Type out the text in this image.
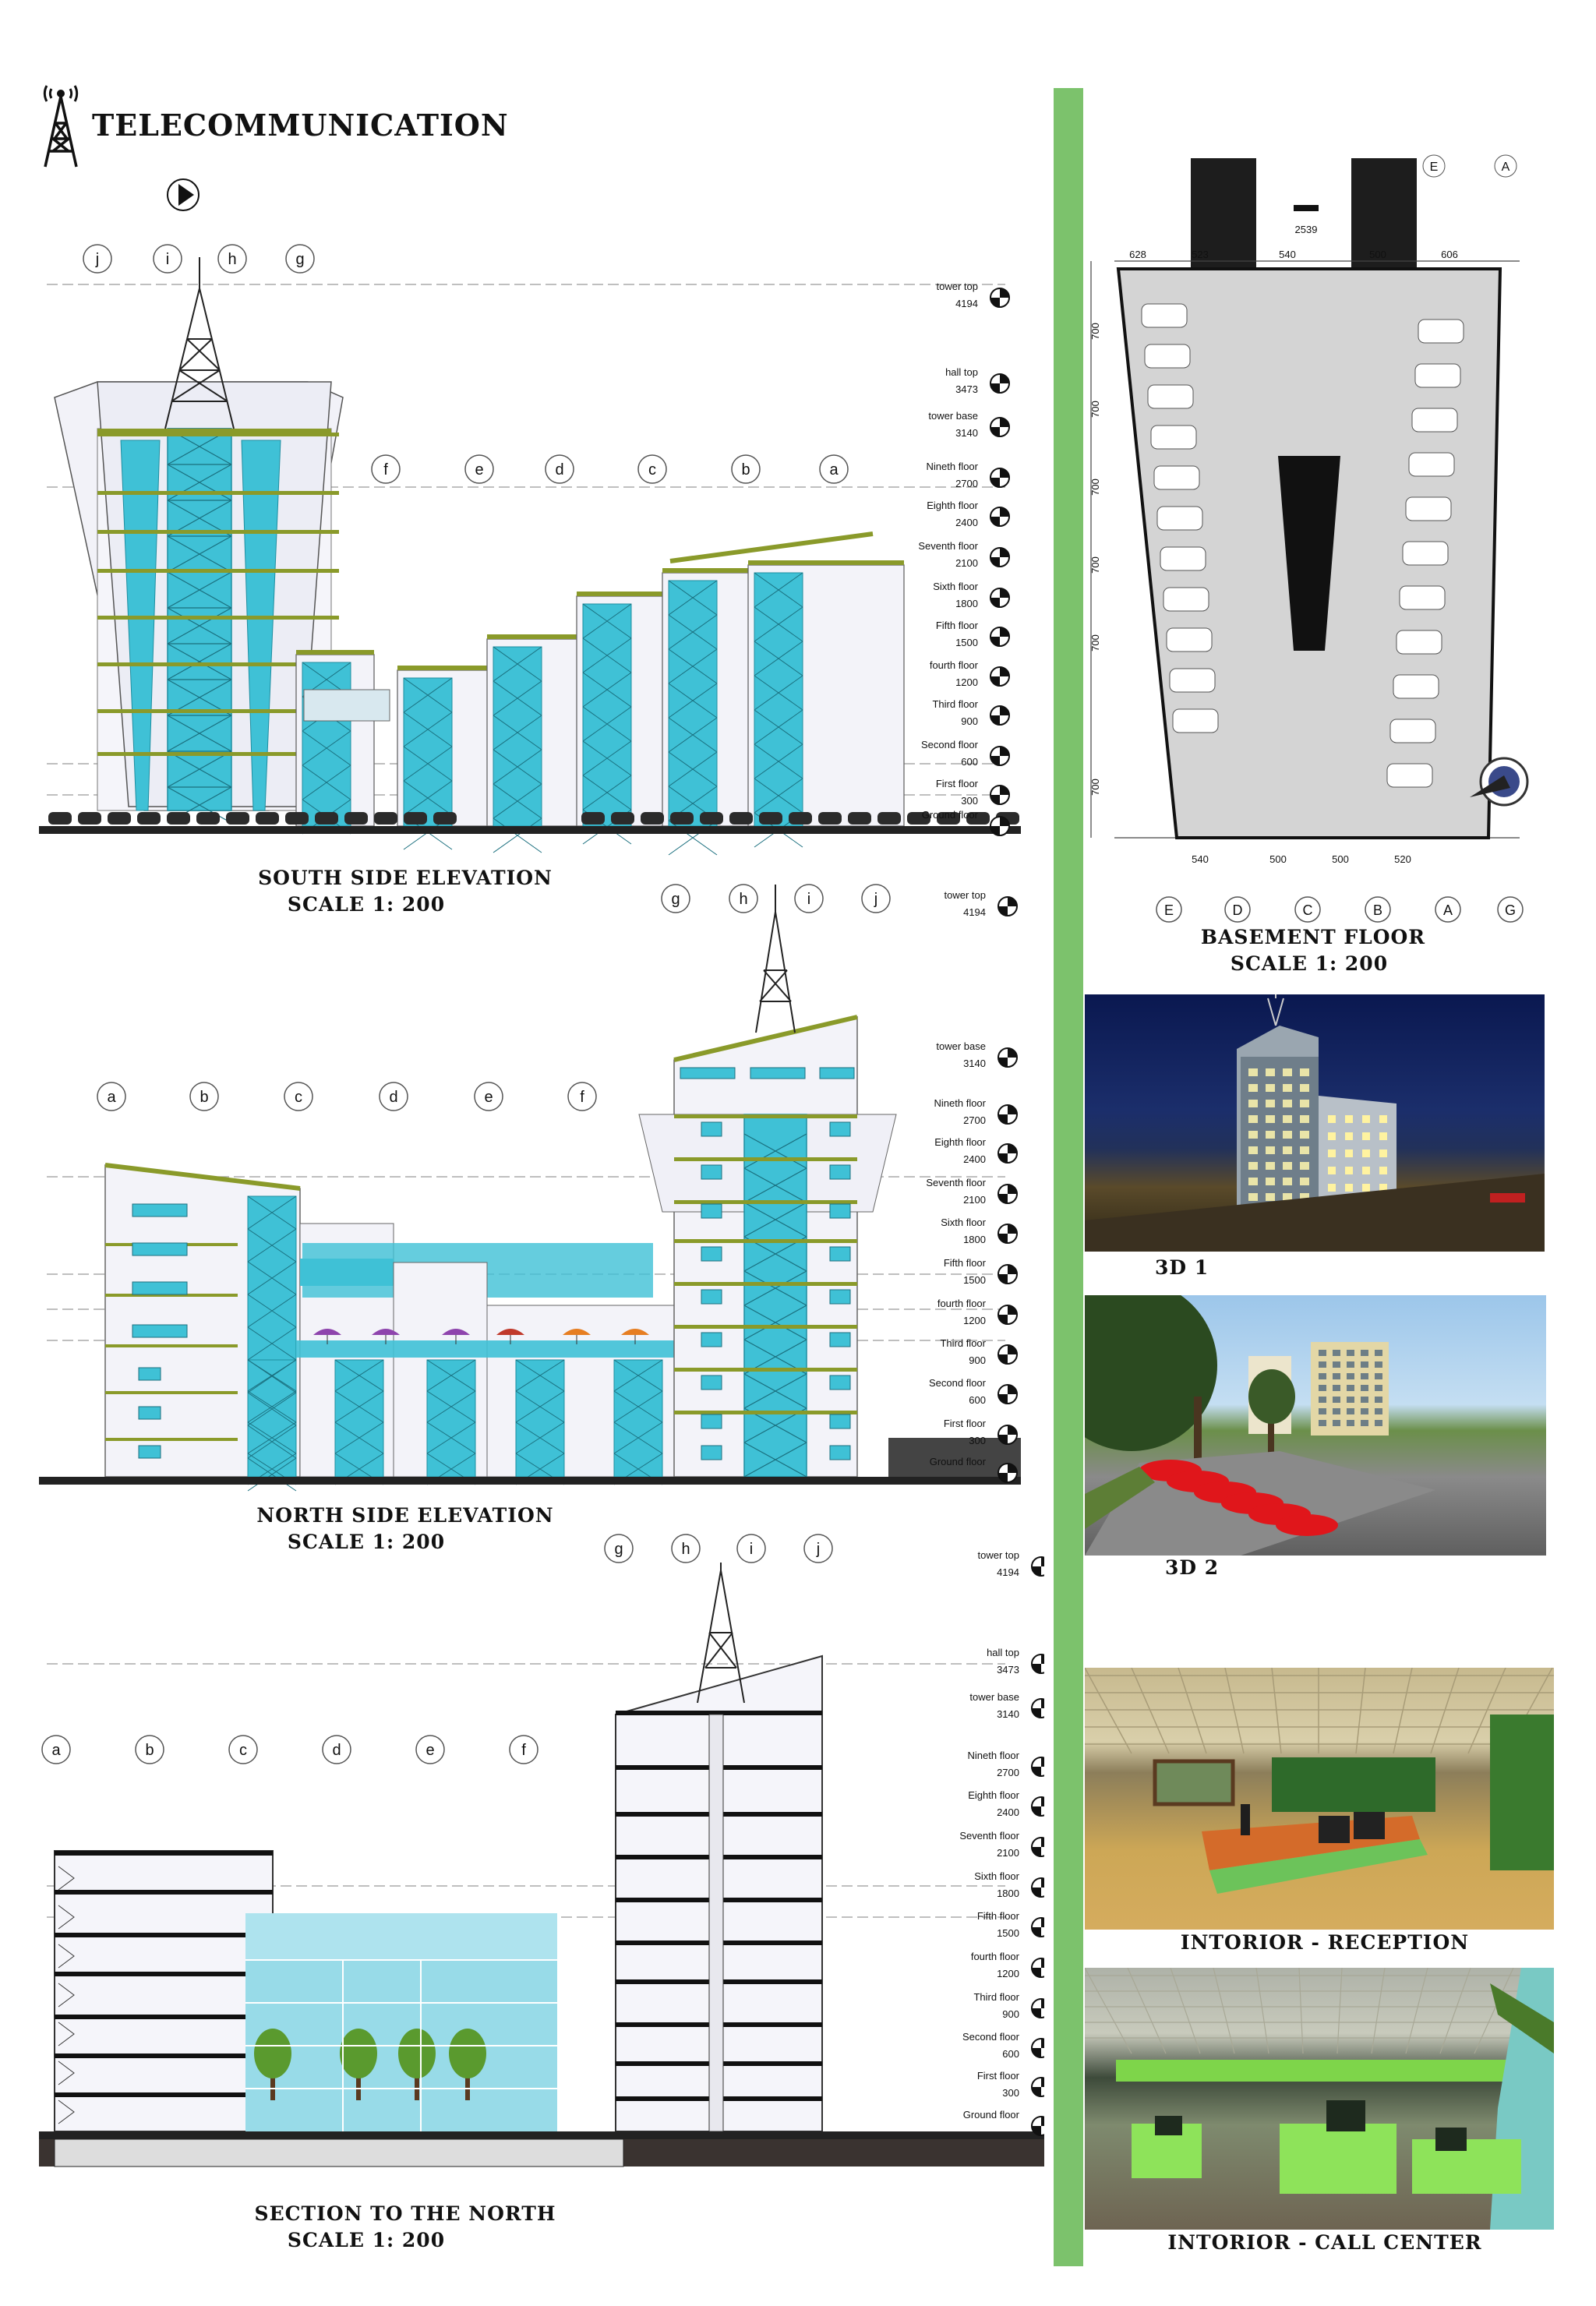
TELECOMMUNICATION
j	i	h	g
f	e	d	c	b	a
tower top
4194
hall top
3473
tower base
3140
Nineth floor
2700
Eighth floor
2400
Seventh floor
2100
Sixth floor
1800
Fifth floor
1500
fourth floor
1200
Third floor
900
Second floor
600
First floor
300
Ground floor
SOUTH SIDE ELEVATION
SCALE 1: 200
a	b	c	d	e	f
g	h	i	j	tower top
4194
tower base
3140
Nineth floor
2700
Eighth floor
2400
Seventh floor
2100
Sixth floor
1800
Fifth floor
1500
fourth floor
1200
Third floor
900
Second floor
600
First floor
300
Ground floor
NORTH SIDE ELEVATION
SCALE 1: 200
a	b	c	d	e	f
g	h	i	j	tower top
4194
hall top
3473
tower base
3140
Nineth floor
2700
Eighth floor
2400
Seventh floor
2100
Sixth floor
1800
Fifth floor
1500
fourth floor
1200
Third floor
900
Second floor
600
First floor
300
Ground floor
SECTION TO THE NORTH
SCALE 1: 200
628	523	540	500	606
2539
700
700
700
700
700
700
540	500	500	520
E	D	C	B	A	G
E	A
BASEMENT FLOOR
SCALE 1: 200
3D 1
3D 2
INTORIOR - RECEPTION
INTORIOR - CALL CENTER
